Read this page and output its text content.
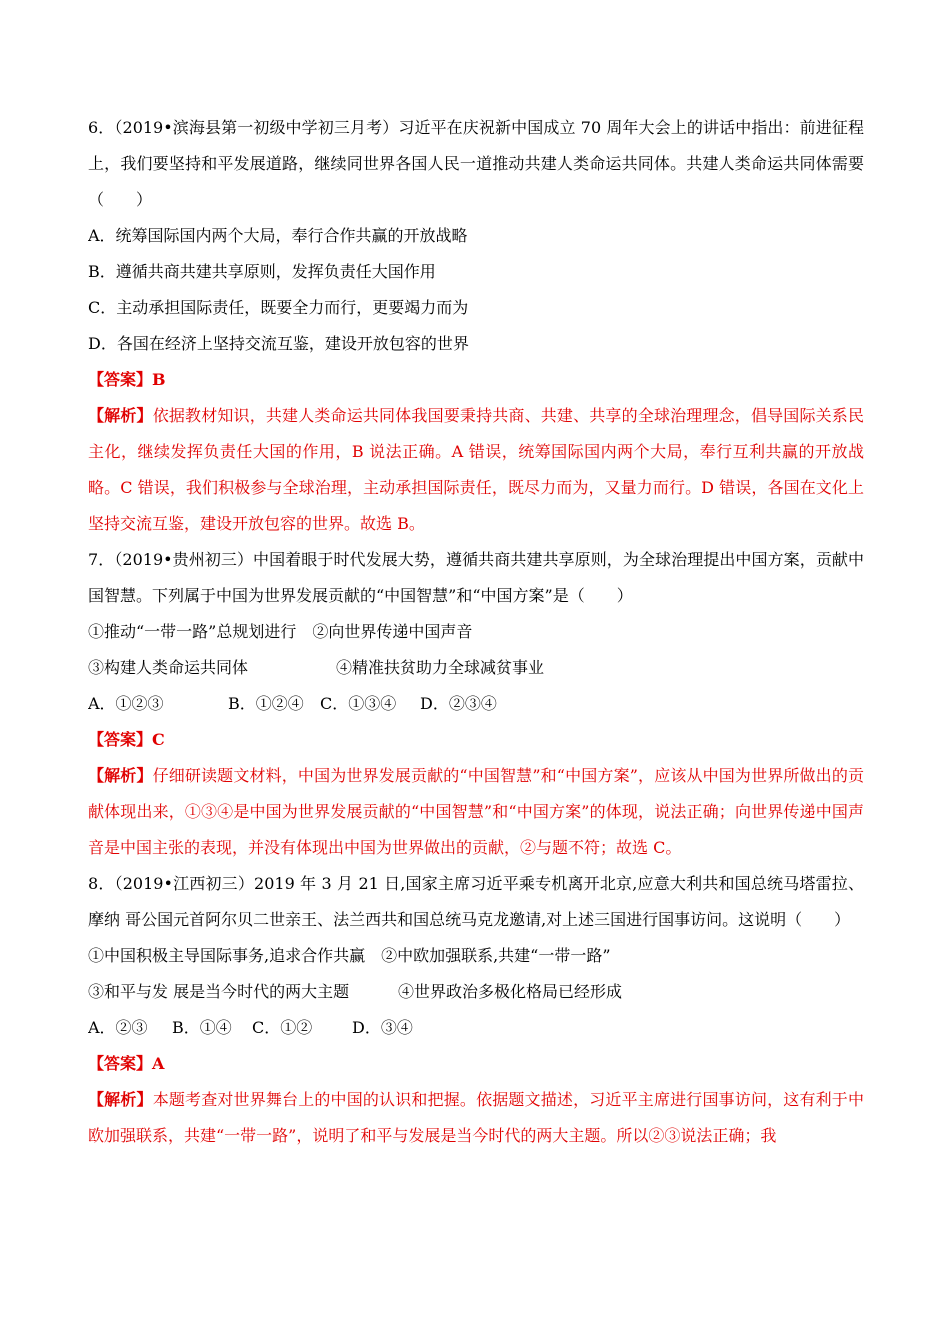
6．（2019•滨海县第一初级中学初三月考）习近平在庆祝新中国成立 70 周年大会上的讲话中指出：前进征程上，我们要坚持和平发展道路，继续同世界各国人民一道推动共建人类命运共同体。共建人类命运共同体需要（　　）
A．统筹国际国内两个大局，奉行合作共赢的开放战略
B．遵循共商共建共享原则，发挥负责任大国作用
C．主动承担国际责任，既要全力而行，更要竭力而为
D．各国在经济上坚持交流互鉴，建设开放包容的世界
【答案】B
【解析】依据教材知识，共建人类命运共同体我国要秉持共商、共建、共享的全球治理理念，倡导国际关系民主化，继续发挥负责任大国的作用，B 说法正确。A 错误，统筹国际国内两个大局，奉行互利共赢的开放战略。C 错误，我们积极参与全球治理，主动承担国际责任，既尽力而为，又量力而行。D 错误，各国在文化上坚持交流互鉴，建设开放包容的世界。故选 B。
7．（2019•贵州初三）中国着眼于时代发展大势，遵循共商共建共享原则，为全球治理提出中国方案，贡献中国智慧。下列属于中国为世界发展贡献的“中国智慧”和“中国方案”是（　　）
①推动“一带一路”总规划进行 ②向世界传递中国声音
③构建人类命运共同体	④精准扶贫助力全球减贫事业
A．①②③	B．①②④ C．①③④ D．②③④
【答案】C
【解析】仔细研读题文材料，中国为世界发展贡献的“中国智慧”和“中国方案”，应该从中国为世界所做出的贡献体现出来，①③④是中国为世界发展贡献的“中国智慧”和“中国方案”的体现，说法正确；向世界传递中国声音是中国主张的表现，并没有体现出中国为世界做出的贡献，②与题不符；故选 C。
8．（2019•江西初三）2019 年 3 月 21 日,国家主席习近平乘专机离开北京,应意大利共和国总统马塔雷拉、摩纳 哥公国元首阿尔贝二世亲王、法兰西共和国总统马克龙邀请,对上述三国进行国事访问。这说明（　　）
①中国积极主导国际事务,追求合作共赢 ②中欧加强联系,共建“一带一路”
③和平与发 展是当今时代的两大主题	④世界政治多极化格局已经形成
A．②③ B．①④ C．①② D．③④
【答案】A
【解析】本题考查对世界舞台上的中国的认识和把握。依据题文描述，习近平主席进行国事访问，这有利于中欧加强联系，共建“一带一路”，说明了和平与发展是当今时代的两大主题。所以②③说法正确；我
